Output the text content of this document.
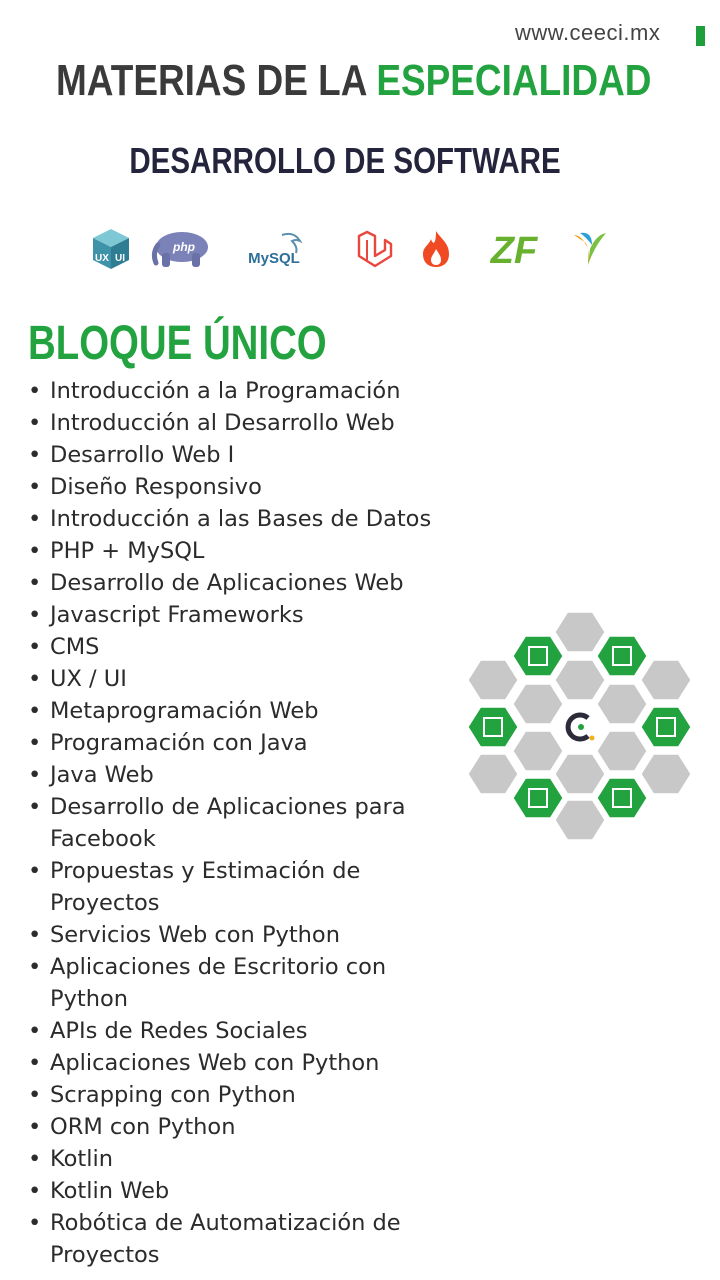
www.ceeci.mx
MATERIAS DE LA ESPECIALIDAD
DESARROLLO DE SOFTWARE
UX UI
php
MySQL	ZF
BLOQUE ÚNICO
• Introducción a la Programación
• Introducción al Desarrollo Web
• Desarrollo Web I
• Diseño Responsivo
• Introducción a las Bases de Datos
• PHP + MySQL
• Desarrollo de Aplicaciones Web
• Javascript Frameworks
• CMS
• UX / UI
• Metaprogramación Web
• Programación con Java
• Java Web
• Desarrollo de Aplicaciones para Facebook
• Propuestas y Estimación de Proyectos
• Servicios Web con Python
• Aplicaciones de Escritorio con Python
• APIs de Redes Sociales
• Aplicaciones Web con Python
• Scrapping con Python
• ORM con Python
• Kotlin
• Kotlin Web
• Robótica de Automatización de Proyectos
